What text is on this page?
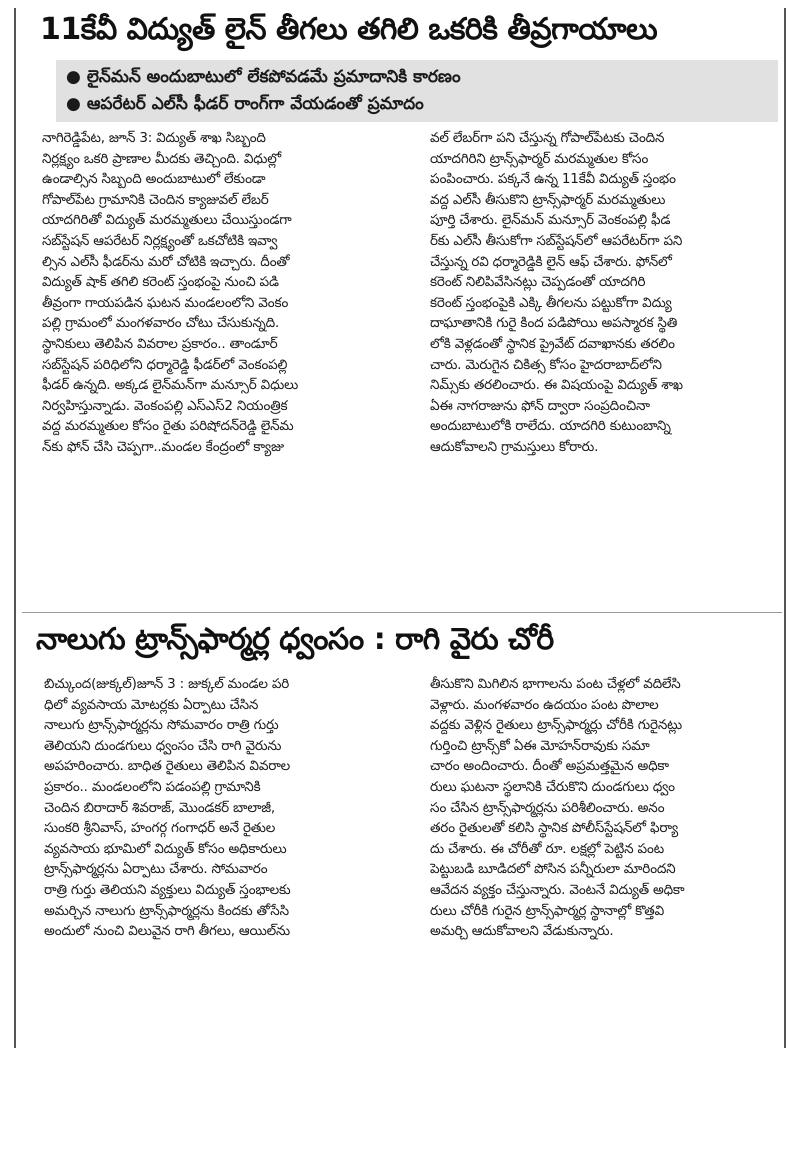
11కేవీ విద్యుత్ లైన్ తీగలు తగిలి ఒకరికి తీవ్రగాయాలు
● లైన్‌మన్ అందుబాటులో లేకపోవడమే ప్రమాదానికి కారణం
● ఆపరేటర్ ఎల్‌సీ ఫీడర్ రాంగ్‌గా వేయడంతో ప్రమాదం

నాగిరెడ్డిపేట, జూన్ 3: విద్యుత్ శాఖ సిబ్బంది

నిర్లక్ష్యం ఒకరి ప్రాణాల మీదకు తెచ్చింది. విధుల్లో

ఉండాల్సిన సిబ్బంది అందుబాటులో లేకుండా

గోపాల్‌పేట గ్రామానికి చెందిన క్యాజువల్ లేబర్

యాదగిరితో విద్యుత్ మరమ్మతులు చేయిస్తుండగా

సబ్‌స్టేషన్ ఆపరేటర్ నిర్లక్ష్యంతో ఒకచోటికి ఇవ్వా

ల్సిన ఎల్‌సీ ఫీడర్‌ను మరో చోటికి ఇచ్చారు. దీంతో

విద్యుత్ షాక్ తగిలి కరెంట్ స్తంభంపై నుంచి పడి

తీవ్రంగా గాయపడిన ఘటన మండలంలోని వెంకం

పల్లి గ్రామంలో మంగళవారం చోటు చేసుకున్నది.

స్థానికులు తెలిపిన వివరాల ప్రకారం.. తాండూర్

సబ్‌స్టేషన్ పరిధిలోని ధర్మారెడ్డి ఫీడర్‌లో వెంకంపల్లి

ఫీడర్ ఉన్నది. అక్కడ లైన్‌మన్‌గా మన్సూర్ విధులు

నిర్వహిస్తున్నాడు. వెంకంపల్లి ఎస్‌ఎస్2 నియంత్రిక

వద్ద మరమ్మతుల కోసం రైతు పరిషోదన్‌రెడ్డి లైన్‌మ

న్‌కు ఫోన్ చేసి చెప్పగా..మండల కేంద్రంలో క్యాజు

వల్ లేబర్‌గా పని చేస్తున్న గోపాల్‌పేటకు చెందిన

యాదగిరిని ట్రాన్స్‌ఫార్మర్ మరమ్మతుల కోసం

పంపించారు. పక్కనే ఉన్న 11కేవీ విద్యుత్ స్తంభం

వద్ద ఎల్‌సీ తీసుకొని ట్రాన్స్‌ఫార్మర్ మరమ్మతులు

పూర్తి చేశారు. లైన్‌మన్ మన్సూర్ వెంకంపల్లి ఫీడ

ర్‌కు ఎల్‌సీ తీసుకోగా సబ్‌స్టేషన్‌లో ఆపరేటర్‌గా పని

చేస్తున్న రవి ధర్మారెడ్డికి లైన్ ఆఫ్ చేశారు. ఫోన్‌లో

కరెంట్ నిలిపివేసినట్లు చెప్పడంతో యాదగిరి

కరెంట్ స్తంభంపైకి ఎక్కి తీగలను పట్టుకోగా విద్యు

దాఘాతానికి గురై కింద పడిపోయి అపస్మారక స్థితి

లోకి వెళ్లడంతో స్థానిక ప్రైవేట్ దవాఖానకు తరలిం

చారు. మెరుగైన చికిత్స కోసం హైదరాబాద్‌లోని

నిమ్స్‌కు తరలించారు. ఈ విషయంపై విద్యుత్ శాఖ

ఏఈ నాగరాజును ఫోన్ ద్వారా సంప్రదించినా

అందుబాటులోకి రాలేదు. యాదగిరి కుటుంబాన్ని

ఆదుకోవాలని గ్రామస్తులు కోరారు.

నాలుగు ట్రాన్స్‌ఫార్మర్ల ధ్వంసం : రాగి వైరు చోరీ

బిచ్కుంద(జుక్కల్)జూన్ 3 : జుక్కల్ మండల పరి

ధిలో వ్యవసాయ మోటర్లకు ఏర్పాటు చేసిన

నాలుగు ట్రాన్స్‌ఫార్మర్లను సోమవారం రాత్రి గుర్తు

తెలియని దుండగులు ధ్వంసం చేసి రాగి వైరును

అపహరించారు. బాధిత రైతులు తెలిపిన వివరాల

ప్రకారం.. మండలంలోని పడంపల్లి గ్రామానికి

చెందిన బిరాదార్ శివరాజ్, మొండకర్ బాలాజీ,

సుంకరి శ్రీనివాస్, హంగర్గ గంగాధర్ అనే రైతుల

వ్యవసాయ భూమిలో విద్యుత్ కోసం అధికారులు

ట్రాన్స్‌ఫార్మర్లను ఏర్పాటు చేశారు. సోమవారం

రాత్రి గుర్తు తెలియని వ్యక్తులు విద్యుత్ స్తంభాలకు

అమర్చిన నాలుగు ట్రాన్స్‌ఫార్మర్లను కిందకు తోసేసి

అందులో నుంచి విలువైన రాగి తీగలు, ఆయిల్‌ను

తీసుకొని మిగిలిన భాగాలను పంట చేళ్లలో వదిలేసి

వెళ్లారు. మంగళవారం ఉదయం పంట పొలాల

వద్దకు వెళ్లిన రైతులు ట్రాన్స్‌ఫార్మర్లు చోరీకి గురైనట్లు

గుర్తించి ట్రాన్స్‌కో ఏఈ మోహన్‌రావుకు సమా

చారం అందించారు. దీంతో అప్రమత్తమైన అధికా

రులు ఘటనా స్థలానికి చేరుకొని దుండగులు ధ్వం

సం చేసిన ట్రాన్స్‌ఫార్మర్లను పరిశీలించారు. అనం

తరం రైతులతో కలిసి స్థానిక పోలీస్‌స్టేషన్‌లో ఫిర్యా

దు చేశారు. ఈ చోరీతో రూ. లక్షల్లో పెట్టిన పంట

పెట్టుబడి బూడిదలో పోసిన పన్నీరులా మారిందని

ఆవేదన వ్యక్తం చేస్తున్నారు. వెంటనే విద్యుత్ అధికా

రులు చోరీకి గురైన ట్రాన్స్‌ఫార్మర్ల స్థానాల్లో కొత్తవి

అమర్చి ఆదుకోవాలని వేడుకున్నారు.
